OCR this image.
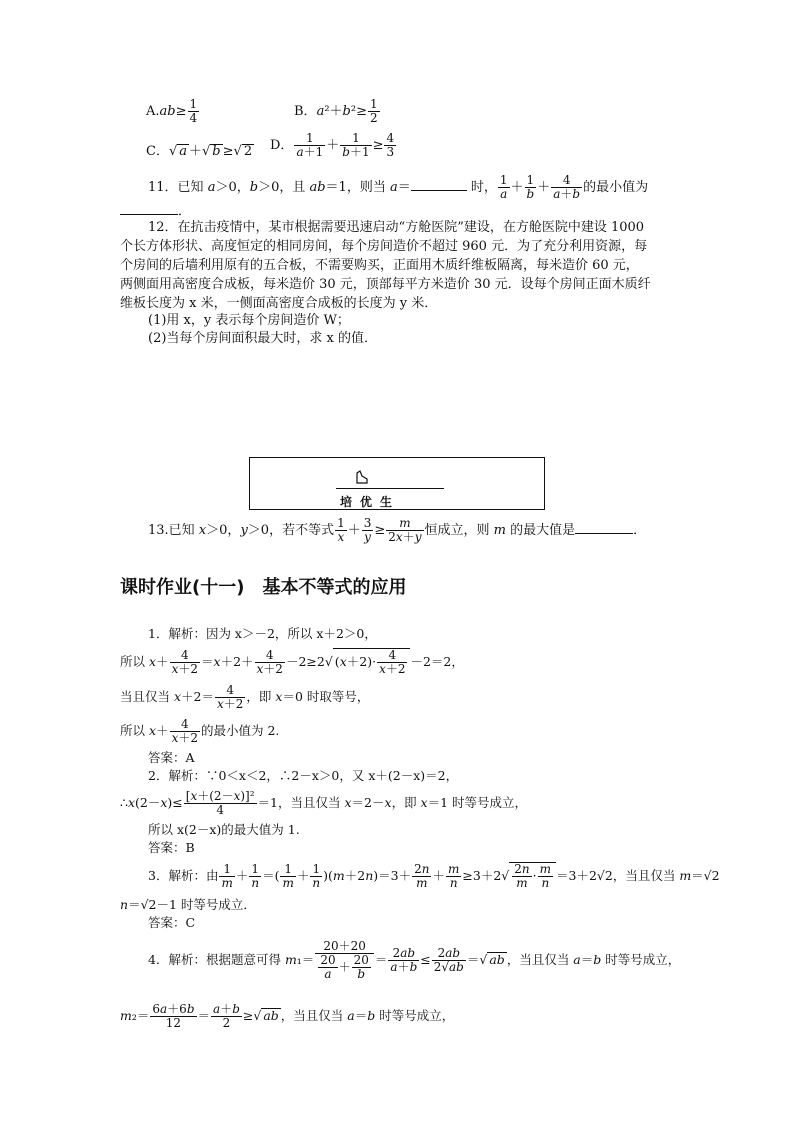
$A.ab\ge \frac{1}{4}$	B．$a^2+b^2\ge \frac{1}{2}$
C．√ a ＋√ b ≥√ 2 D． $\frac{1}{a+1} + \frac{1}{b+1} \ge \frac{4}{3}$
11．已知 a＞0，b＞0，且 ab＝1，则当 a＝	时， $\frac{1}{a} + \frac{1}{b} + \frac{4}{a+b}$ 的最小值为
．
12．在抗击疫情中，某市根据需要迅速启动“方舱医院”建设，在方舱医院中建设 1000
个长方体形状、高度恒定的相同房间，每个房间造价不超过 960 元．为了充分利用资源，每
个房间的后墙利用原有的五合板，不需要购买，正面用木质纤维板隔离，每米造价 60 元，
两侧面用高密度合成板，每米造价 30 元，顶部每平方米造价 30 元．设每个房间正面木质纤
维板长度为 x 米，一侧面高密度合成板的长度为 y 米．
(1)用 x，y 表示每个房间造价 W；
(2)当每个房间面积最大时，求 x 的值．
培优生
13.已知 x＞0，y＞0，若不等式 $\frac{1}{x} + \frac{3}{y} \ge \frac{m}{2x+y}$ 恒成立，则 m 的最大值是	．
课时作业(十一)　基本不等式的应用
1．解析：因为 x＞－2，所以 x＋2＞0，
所以 $x+ \frac{4}{x+2} =x+2+ \frac{4}{x+2} -2\ge 2√$ $(x+2)\cdot \frac{4}{x+2} -2=2$，
当且仅当 $x+2= \frac{4}{x+2}$ ，即 x＝0 时取等号，
所以 $x+ \frac{4}{x+2}$ 的最小值为 2.
答案：A
2．解析：∵0＜x＜2，∴2－x＞0，又 x＋(2－x)＝2，
∴x(2－x)≤ $\frac{\text{[x＋(2－x)]²}}{4} =1$，当且仅当 x＝2－x，即 x＝1 时等号成立，
所以 x(2－x)的最大值为 1.
答案：B
3．解析：由 $\frac{1}{m} + \frac{1}{n}$ ＝( $\frac{1}{m} + \frac{1}{n} )(m+2n)=3+ \frac{2n}{m} + \frac{m}{n} \ge 3+2√ \frac{2n}{m} \cdot \frac{m}{n} =3+2√2$，当且仅当 m＝√2
n＝√2－1 时等号成立．
答案：C
4．解析：根据题意可得 $m_1= \frac{20+20}{\frac{20}{a} + \frac{20}{b}} = \frac{2ab}{a+b} \le \frac{2ab}{2√ab}$ ＝√ ab ，当且仅当 a＝b 时等号成立，
$m_2= \frac{6a+6b}{12} = \frac{a+b}{2}$ ≥√ ab ，当且仅当 a＝b 时等号成立，
